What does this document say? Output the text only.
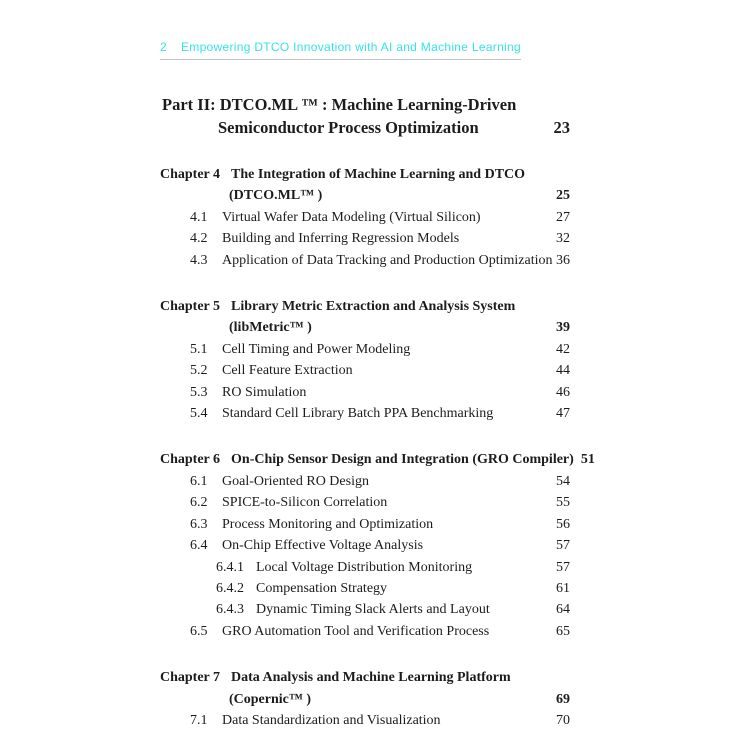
2 Empowering DTCO Innovation with AI and Machine Learning
Part II: DTCO.ML ™ : Machine Learning-Driven
Semiconductor Process Optimization	23
Chapter 4 The Integration of Machine Learning and DTCO
(DTCO.ML™ )	25
4.1	Virtual Wafer Data Modeling (Virtual Silicon)	27
4.2	Building and Inferring Regression Models	32
4.3	Application of Data Tracking and Production Optimization 36
Chapter 5 Library Metric Extraction and Analysis System
(libMetric™ )	39
5.1	Cell Timing and Power Modeling	42
5.2	Cell Feature Extraction	44
5.3	RO Simulation	46
5.4	Standard Cell Library Batch PPA Benchmarking	47
Chapter 6 On-Chip Sensor Design and Integration (GRO Compiler) 51
6.1	Goal-Oriented RO Design	54
6.2	SPICE-to-Silicon Correlation	55
6.3	Process Monitoring and Optimization	56
6.4	On-Chip Effective Voltage Analysis	57
6.4.1 Local Voltage Distribution Monitoring	57
6.4.2 Compensation Strategy	61
6.4.3 Dynamic Timing Slack Alerts and Layout	64
6.5	GRO Automation Tool and Verification Process	65
Chapter 7 Data Analysis and Machine Learning Platform
(Copernic™ )	69
7.1	Data Standardization and Visualization	70
